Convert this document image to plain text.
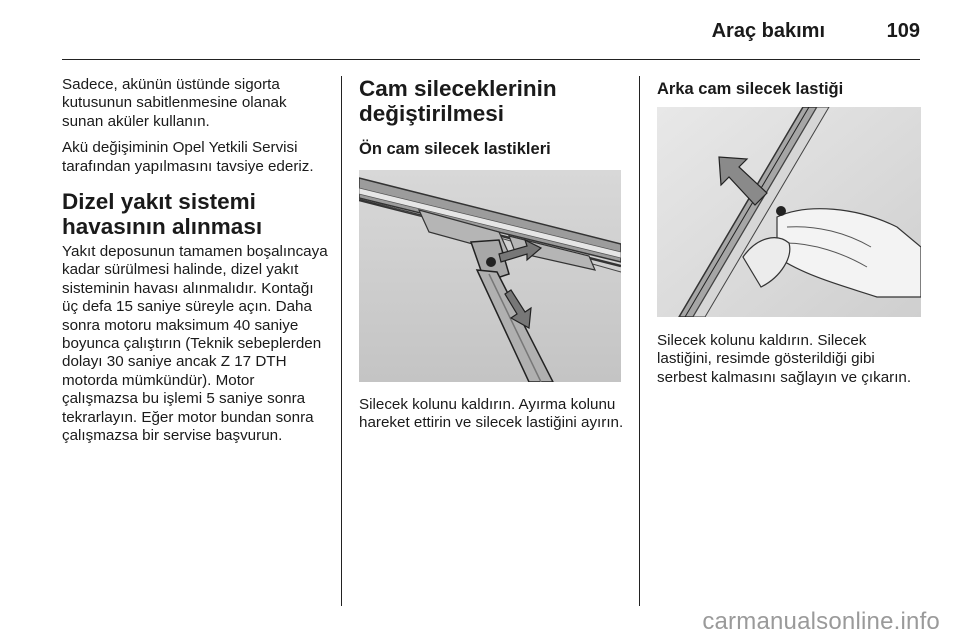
Araç bakımı	109

Sadece, akünün üstünde sigorta kutusunun sabitlenmesine olanak sunan aküler kullanın.

Akü değişiminin Opel Yetkili Servisi tarafından yapılmasını tavsiye ederiz.

Dizel yakıt sistemi havasının alınması

Yakıt deposunun tamamen boşalıncaya kadar sürülmesi halinde, dizel yakıt sisteminin havası alınmalıdır. Kontağı üç defa 15 saniye süreyle açın. Daha sonra motoru maksimum 40 saniye boyunca çalıştırın (Teknik sebeplerden dolayı 30 saniye ancak Z 17 DTH motorda mümkündür). Motor çalışmazsa bu işlemi 5 saniye sonra tekrarlayın. Eğer motor bundan sonra çalışmazsa bir servise başvurun.

Cam sileceklerinin değiştirilmesi
Ön cam silecek lastikleri

Silecek kolunu kaldırın. Ayırma kolunu hareket ettirin ve silecek lastiğini ayırın.

Arka cam silecek lastiği

Silecek kolunu kaldırın. Silecek lastiğini, resimde gösterildiği gibi serbest kalmasını sağlayın ve çıkarın.

carmanualsonline.info
